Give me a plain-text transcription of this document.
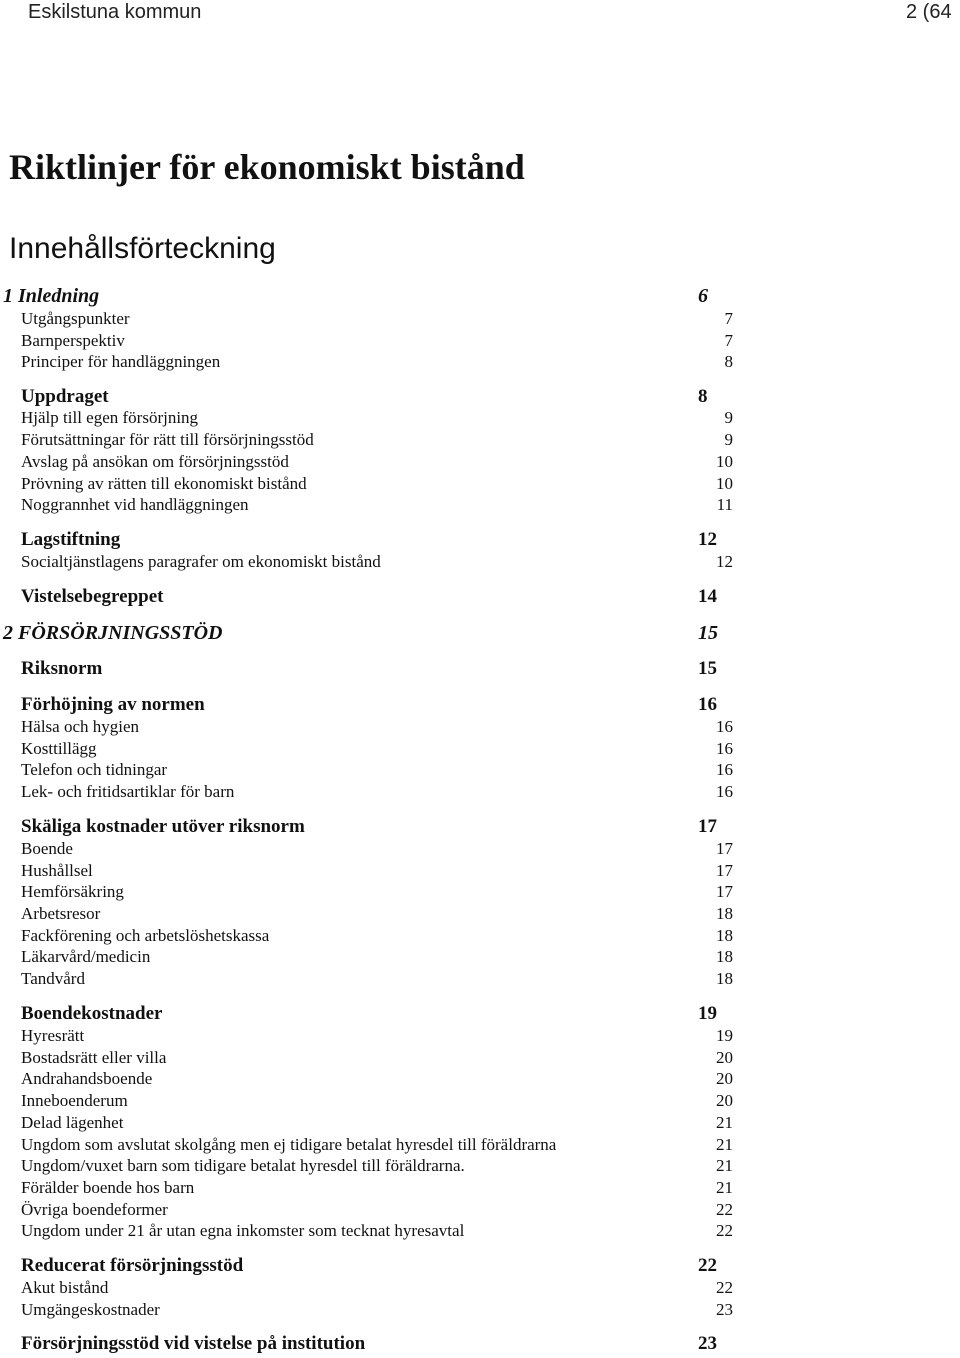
Eskilstuna kommun	2 (64
Riktlinjer för ekonomiskt bistånd
Innehållsförteckning
1 Inledning	6
Utgångspunkter	7
Barnperspektiv	7
Principer för handläggningen	8
Uppdraget	8
Hjälp till egen försörjning	9
Förutsättningar för rätt till försörjningsstöd	9
Avslag på ansökan om försörjningsstöd	10
Prövning av rätten till ekonomiskt bistånd	10
Noggrannhet vid handläggningen	11
Lagstiftning	12
Socialtjänstlagens paragrafer om ekonomiskt bistånd	12
Vistelsebegreppet	14
2 FÖRSÖRJNINGSSTÖD	15
Riksnorm	15
Förhöjning av normen	16
Hälsa och hygien	16
Kosttillägg	16
Telefon och tidningar	16
Lek- och fritidsartiklar för barn	16
Skäliga kostnader utöver riksnorm	17
Boende	17
Hushållsel	17
Hemförsäkring	17
Arbetsresor	18
Fackförening och arbetslöshetskassa	18
Läkarvård/medicin	18
Tandvård	18
Boendekostnader	19
Hyresrätt	19
Bostadsrätt eller villa	20
Andrahandsboende	20
Inneboenderum	20
Delad lägenhet	21
Ungdom som avslutat skolgång men ej tidigare betalat hyresdel till föräldrarna	21
Ungdom/vuxet barn som tidigare betalat hyresdel till föräldrarna.	21
Förälder boende hos barn	21
Övriga boendeformer	22
Ungdom under 21 år utan egna inkomster som tecknat hyresavtal	22
Reducerat försörjningsstöd	22
Akut bistånd	22
Umgängeskostnader	23
Försörjningsstöd vid vistelse på institution	23
